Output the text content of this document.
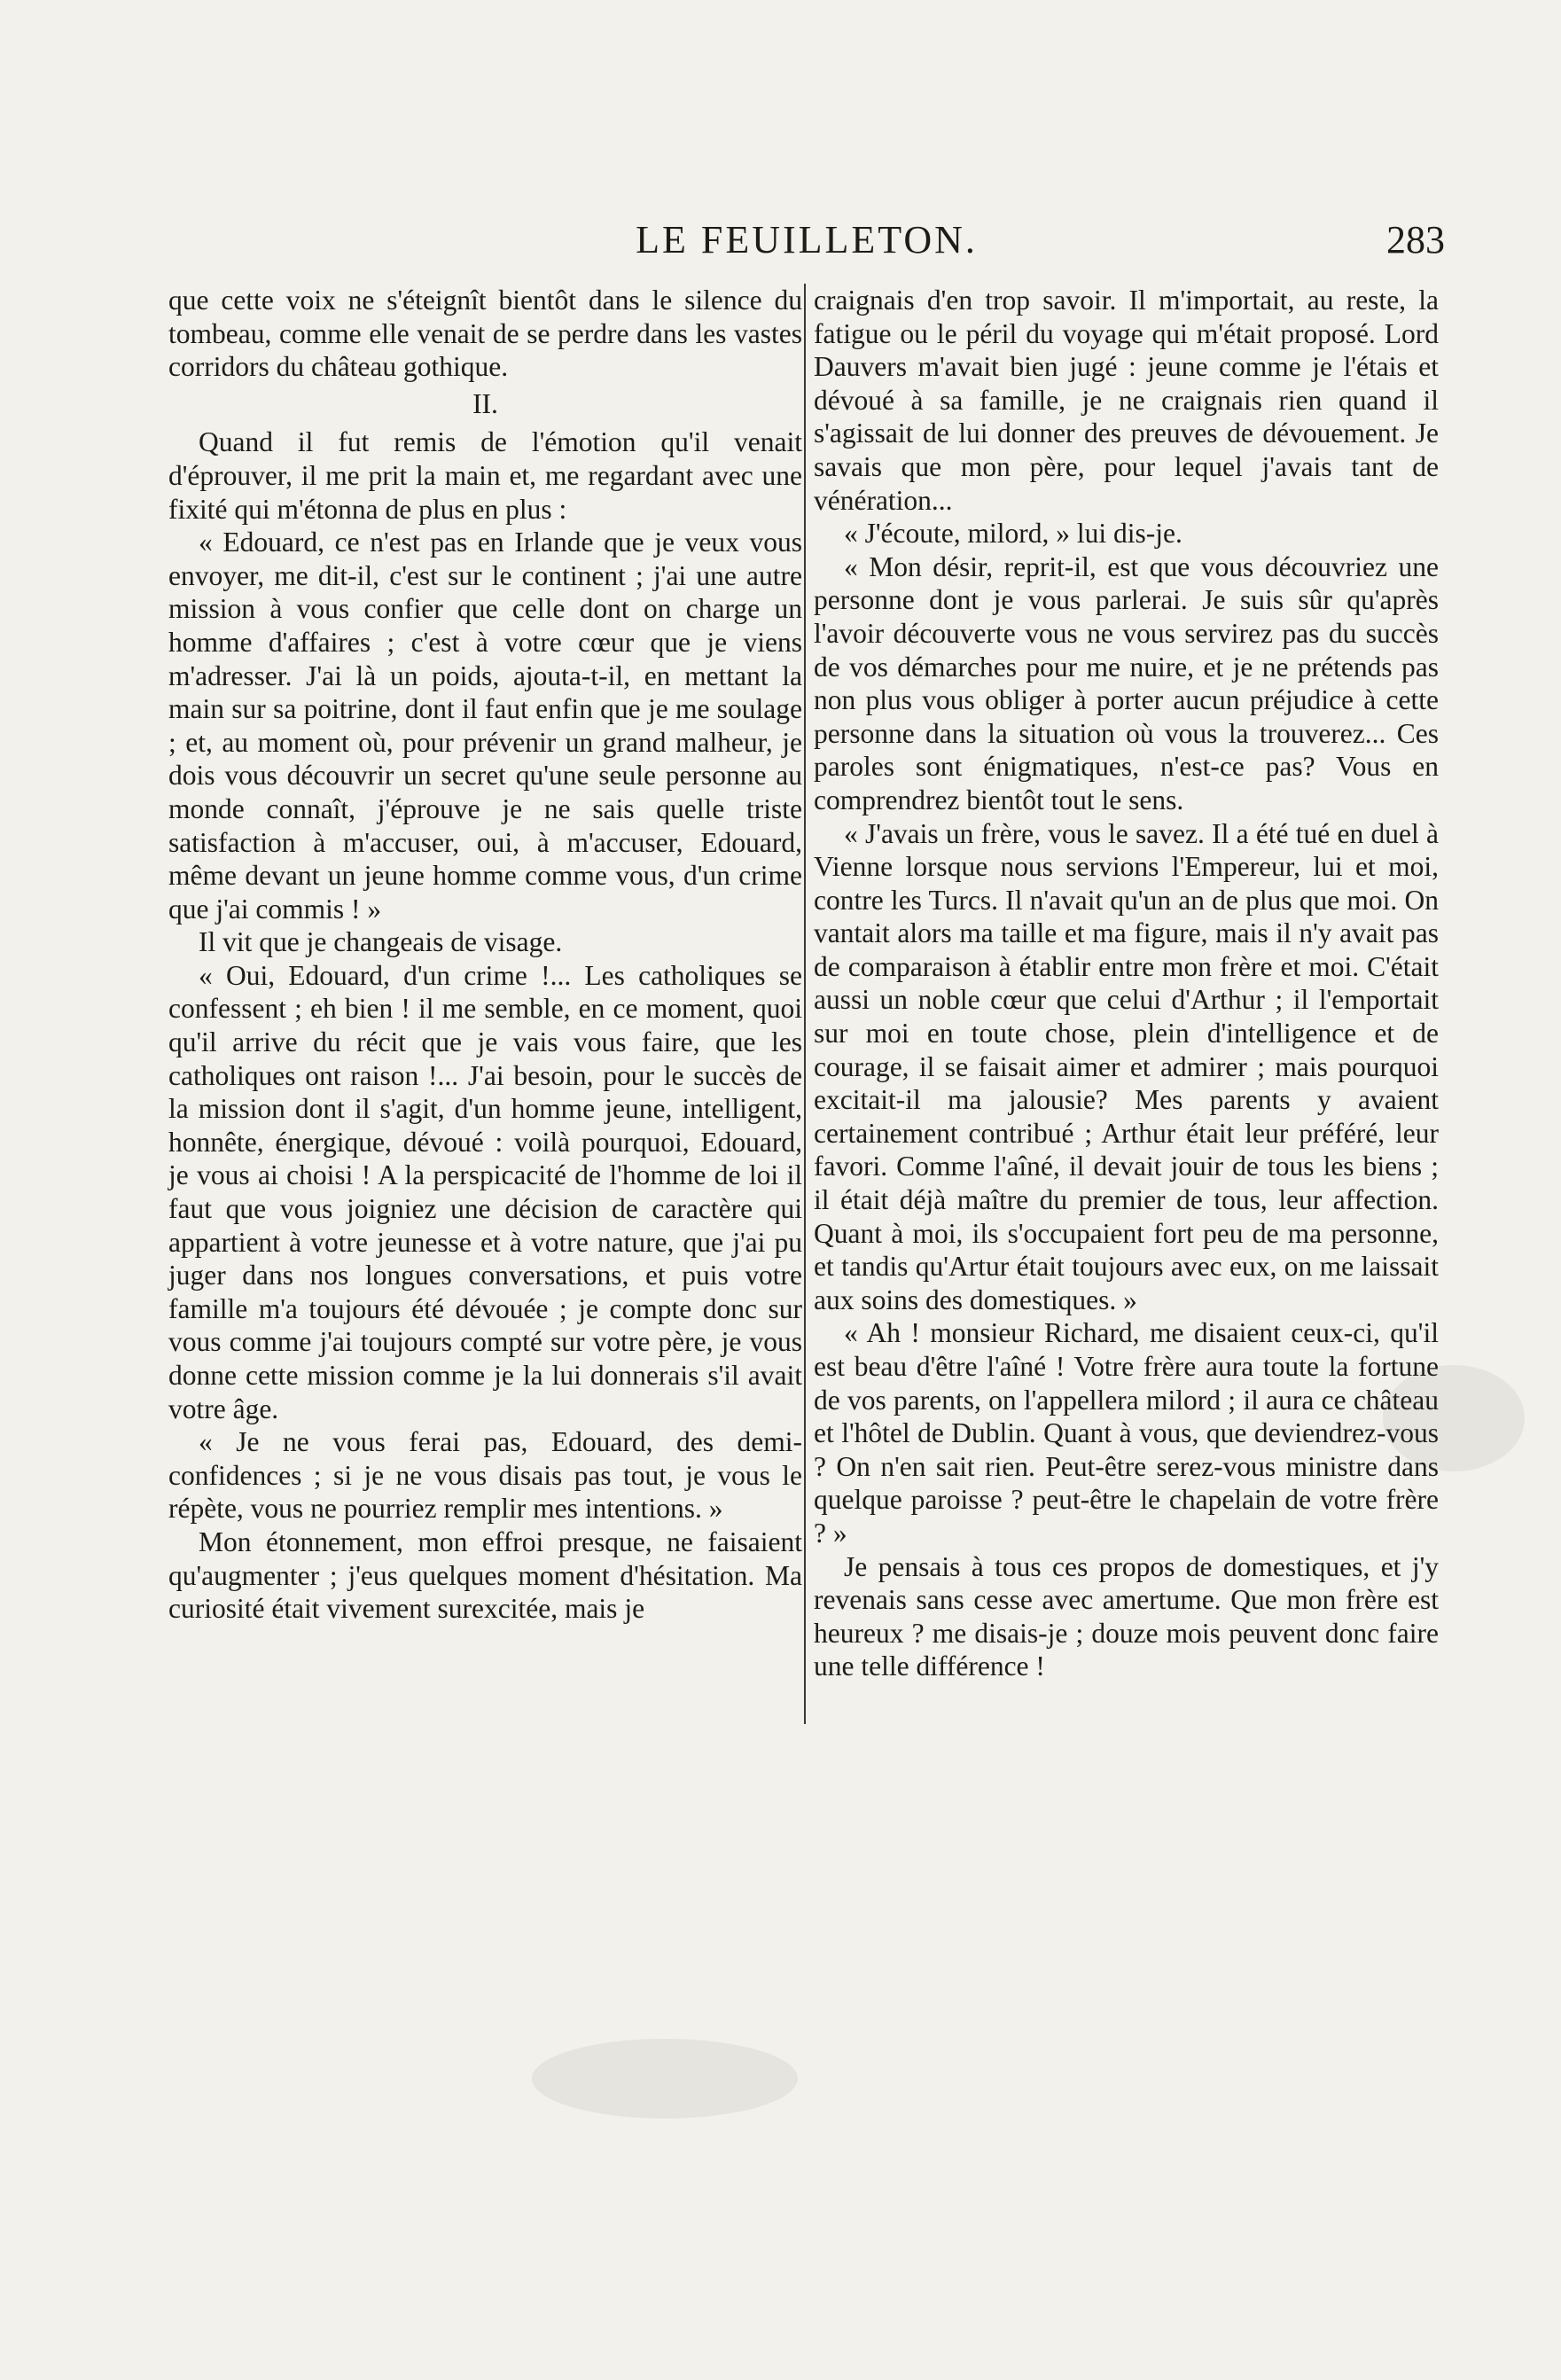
LE FEUILLETON.	283

que cette voix ne s'éteignît bientôt dans le silence du tombeau, comme elle venait de se perdre dans les vastes corridors du château gothique.

II.

Quand il fut remis de l'émotion qu'il venait d'éprouver, il me prit la main et, me regardant avec une fixité qui m'étonna de plus en plus :

« Edouard, ce n'est pas en Irlande que je veux vous envoyer, me dit-il, c'est sur le continent ; j'ai une autre mission à vous confier que celle dont on charge un homme d'affaires ; c'est à votre cœur que je viens m'adresser. J'ai là un poids, ajouta-t-il, en mettant la main sur sa poitrine, dont il faut enfin que je me soulage ; et, au moment où, pour prévenir un grand malheur, je dois vous découvrir un secret qu'une seule personne au monde connaît, j'éprouve je ne sais quelle triste satisfaction à m'accuser, oui, à m'accuser, Edouard, même devant un jeune homme comme vous, d'un crime que j'ai commis ! »

Il vit que je changeais de visage.

« Oui, Edouard, d'un crime !... Les catholiques se confessent ; eh bien ! il me semble, en ce moment, quoi qu'il arrive du récit que je vais vous faire, que les catholiques ont raison !... J'ai besoin, pour le succès de la mission dont il s'agit, d'un homme jeune, intelligent, honnête, énergique, dévoué : voilà pourquoi, Edouard, je vous ai choisi ! A la perspicacité de l'homme de loi il faut que vous joigniez une décision de caractère qui appartient à votre jeunesse et à votre nature, que j'ai pu juger dans nos longues conversations, et puis votre famille m'a toujours été dévouée ; je compte donc sur vous comme j'ai toujours compté sur votre père, je vous donne cette mission comme je la lui donnerais s'il avait votre âge.

« Je ne vous ferai pas, Edouard, des demi-confidences ; si je ne vous disais pas tout, je vous le répète, vous ne pourriez remplir mes intentions. »

Mon étonnement, mon effroi presque, ne faisaient qu'augmenter ; j'eus quelques moment d'hésitation. Ma curiosité était vivement surexcitée, mais je

craignais d'en trop savoir. Il m'importait, au reste, la fatigue ou le péril du voyage qui m'était proposé. Lord Dauvers m'avait bien jugé : jeune comme je l'étais et dévoué à sa famille, je ne craignais rien quand il s'agissait de lui donner des preuves de dévouement. Je savais que mon père, pour lequel j'avais tant de vénération...

« J'écoute, milord, » lui dis-je.

« Mon désir, reprit-il, est que vous découvriez une personne dont je vous parlerai. Je suis sûr qu'après l'avoir découverte vous ne vous servirez pas du succès de vos démarches pour me nuire, et je ne prétends pas non plus vous obliger à porter aucun préjudice à cette personne dans la situation où vous la trouverez... Ces paroles sont énigmatiques, n'est-ce pas? Vous en comprendrez bientôt tout le sens.

« J'avais un frère, vous le savez. Il a été tué en duel à Vienne lorsque nous servions l'Empereur, lui et moi, contre les Turcs. Il n'avait qu'un an de plus que moi. On vantait alors ma taille et ma figure, mais il n'y avait pas de comparaison à établir entre mon frère et moi. C'était aussi un noble cœur que celui d'Arthur ; il l'emportait sur moi en toute chose, plein d'intelligence et de courage, il se faisait aimer et admirer ; mais pourquoi excitait-il ma jalousie? Mes parents y avaient certainement contribué ; Arthur était leur préféré, leur favori. Comme l'aîné, il devait jouir de tous les biens ; il était déjà maître du premier de tous, leur affection. Quant à moi, ils s'occupaient fort peu de ma personne, et tandis qu'Artur était toujours avec eux, on me laissait aux soins des domestiques. »

« Ah ! monsieur Richard, me disaient ceux-ci, qu'il est beau d'être l'aîné ! Votre frère aura toute la fortune de vos parents, on l'appellera milord ; il aura ce château et l'hôtel de Dublin. Quant à vous, que deviendrez-vous ? On n'en sait rien. Peut-être serez-vous ministre dans quelque paroisse ? peut-être le chapelain de votre frère ? »

Je pensais à tous ces propos de domestiques, et j'y revenais sans cesse avec amertume. Que mon frère est heureux ? me disais-je ; douze mois peuvent donc faire une telle différence !
